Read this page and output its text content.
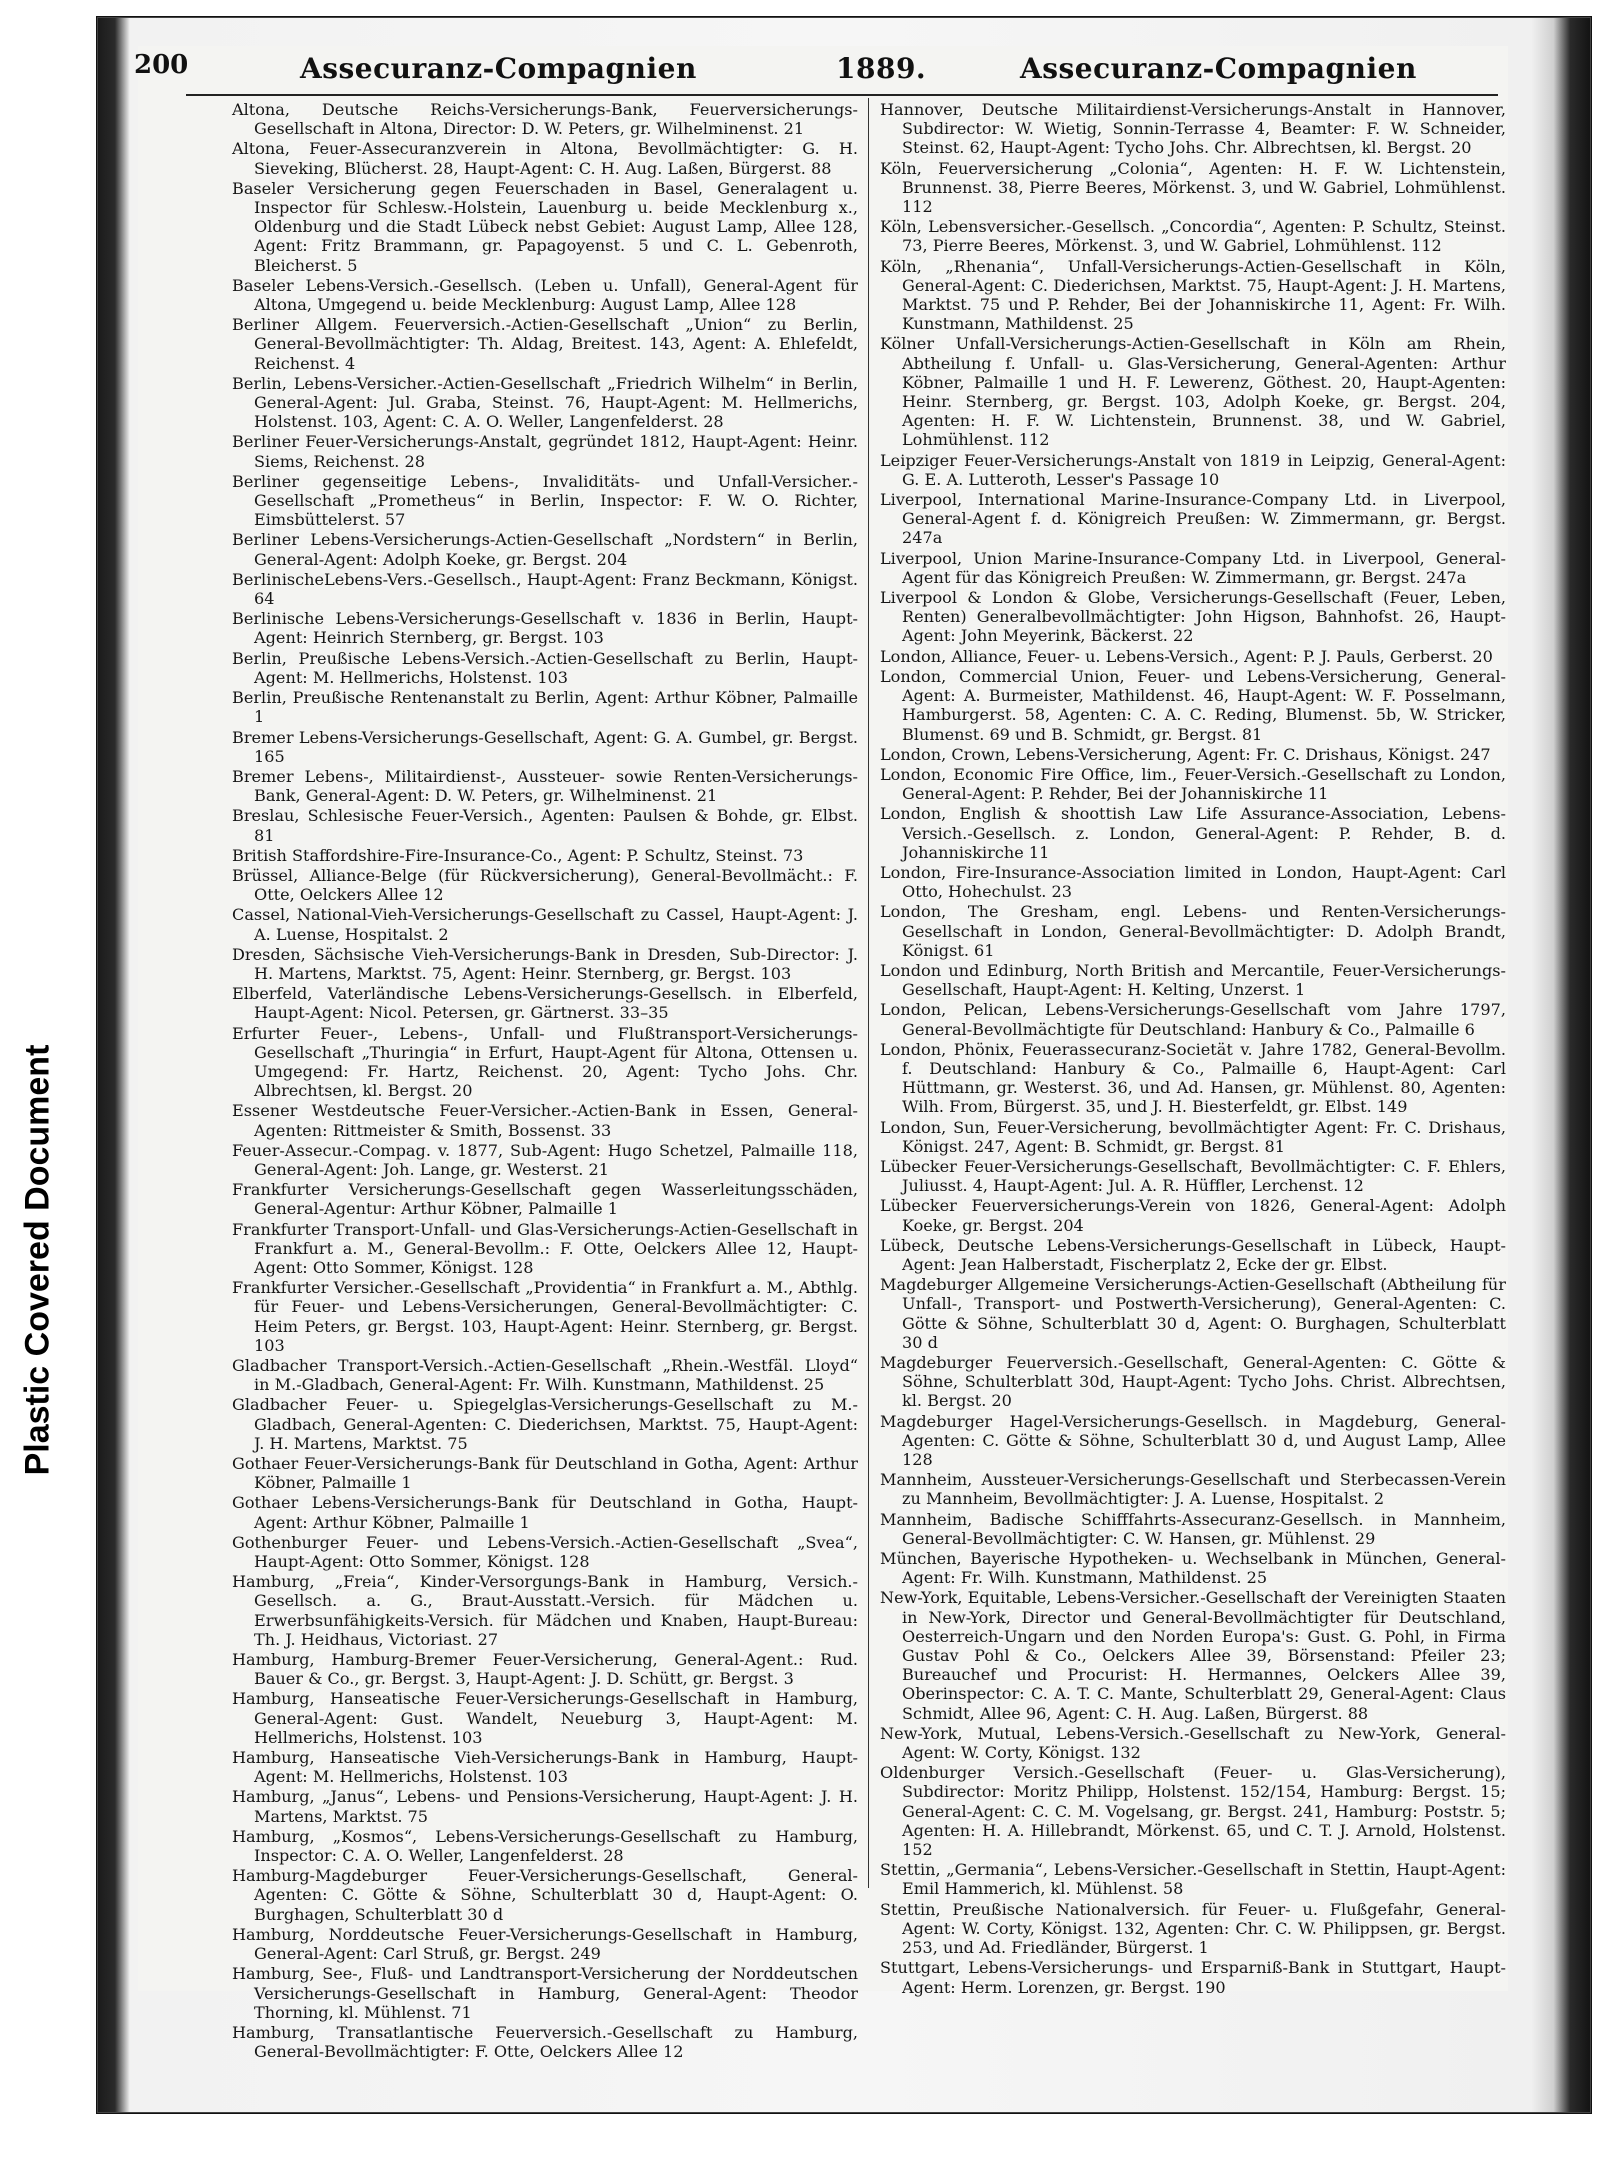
Plastic Covered Document
200	Assecuranz-Compagnien	1889.	Assecuranz-Compagnien
Altona, Deutsche Reichs-Versicherungs-Bank, Feuerversicherungs-Gesellschaft in Altona, Director: D. W. Peters, gr. Wilhelminenst. 21
Altona, Feuer-Assecuranzverein in Altona, Bevollmächtigter: G. H. Sieveking, Blücherst. 28, Haupt-Agent: C. H. Aug. Laßen, Bürgerst. 88
Baseler Versicherung gegen Feuerschaden in Basel, Generalagent u. Inspector für Schlesw.-Holstein, Lauenburg u. beide Mecklenburg x., Oldenburg und die Stadt Lübeck nebst Gebiet: August Lamp, Allee 128, Agent: Fritz Brammann, gr. Papagoyenst. 5 und C. L. Gebenroth, Bleicherst. 5
Baseler Lebens-Versich.-Gesellsch. (Leben u. Unfall), General-Agent für Altona, Umgegend u. beide Mecklenburg: August Lamp, Allee 128
Berliner Allgem. Feuerversich.-Actien-Gesellschaft „Union“ zu Berlin, General-Bevollmächtigter: Th. Aldag, Breitest. 143, Agent: A. Ehlefeldt, Reichenst. 4
Berlin, Lebens-Versicher.-Actien-Gesellschaft „Friedrich Wilhelm“ in Berlin, General-Agent: Jul. Graba, Steinst. 76, Haupt-Agent: M. Hellmerichs, Holstenst. 103, Agent: C. A. O. Weller, Langenfelderst. 28
Berliner Feuer-Versicherungs-Anstalt, gegründet 1812, Haupt-Agent: Heinr. Siems, Reichenst. 28
Berliner gegenseitige Lebens-, Invaliditäts- und Unfall-Versicher.-Gesellschaft „Prometheus“ in Berlin, Inspector: F. W. O. Richter, Eimsbüttelerst. 57
Berliner Lebens-Versicherungs-Actien-Gesellschaft „Nordstern“ in Berlin, General-Agent: Adolph Koeke, gr. Bergst. 204
BerlinischeLebens-Vers.-Gesellsch., Haupt-Agent: Franz Beckmann, Königst. 64
Berlinische Lebens-Versicherungs-Gesellschaft v. 1836 in Berlin, Haupt-Agent: Heinrich Sternberg, gr. Bergst. 103
Berlin, Preußische Lebens-Versich.-Actien-Gesellschaft zu Berlin, Haupt-Agent: M. Hellmerichs, Holstenst. 103
Berlin, Preußische Rentenanstalt zu Berlin, Agent: Arthur Köbner, Palmaille 1
Bremer Lebens-Versicherungs-Gesellschaft, Agent: G. A. Gumbel, gr. Bergst. 165
Bremer Lebens-, Militairdienst-, Aussteuer- sowie Renten-Versicherungs-Bank, General-Agent: D. W. Peters, gr. Wilhelminenst. 21
Breslau, Schlesische Feuer-Versich., Agenten: Paulsen & Bohde, gr. Elbst. 81
British Staffordshire-Fire-Insurance-Co., Agent: P. Schultz, Steinst. 73
Brüssel, Alliance-Belge (für Rückversicherung), General-Bevollmächt.: F. Otte, Oelckers Allee 12
Cassel, National-Vieh-Versicherungs-Gesellschaft zu Cassel, Haupt-Agent: J. A. Luense, Hospitalst. 2
Dresden, Sächsische Vieh-Versicherungs-Bank in Dresden, Sub-Director: J. H. Martens, Marktst. 75, Agent: Heinr. Sternberg, gr. Bergst. 103
Elberfeld, Vaterländische Lebens-Versicherungs-Gesellsch. in Elberfeld, Haupt-Agent: Nicol. Petersen, gr. Gärtnerst. 33–35
Erfurter Feuer-, Lebens-, Unfall- und Flußtransport-Versicherungs-Gesellschaft „Thuringia“ in Erfurt, Haupt-Agent für Altona, Ottensen u. Umgegend: Fr. Hartz, Reichenst. 20, Agent: Tycho Johs. Chr. Albrechtsen, kl. Bergst. 20
Essener Westdeutsche Feuer-Versicher.-Actien-Bank in Essen, General-Agenten: Rittmeister & Smith, Bossenst. 33
Feuer-Assecur.-Compag. v. 1877, Sub-Agent: Hugo Schetzel, Palmaille 118, General-Agent: Joh. Lange, gr. Westerst. 21
Frankfurter Versicherungs-Gesellschaft gegen Wasserleitungsschäden, General-Agentur: Arthur Köbner, Palmaille 1
Frankfurter Transport-Unfall- und Glas-Versicherungs-Actien-Gesellschaft in Frankfurt a. M., General-Bevollm.: F. Otte, Oelckers Allee 12, Haupt-Agent: Otto Sommer, Königst. 128
Frankfurter Versicher.-Gesellschaft „Providentia“ in Frankfurt a. M., Abthlg. für Feuer- und Lebens-Versicherungen, General-Bevollmächtigter: C. Heim Peters, gr. Bergst. 103, Haupt-Agent: Heinr. Sternberg, gr. Bergst. 103
Gladbacher Transport-Versich.-Actien-Gesellschaft „Rhein.-Westfäl. Lloyd“ in M.-Gladbach, General-Agent: Fr. Wilh. Kunstmann, Mathildenst. 25
Gladbacher Feuer- u. Spiegelglas-Versicherungs-Gesellschaft zu M.-Gladbach, General-Agenten: C. Diederichsen, Marktst. 75, Haupt-Agent: J. H. Martens, Marktst. 75
Gothaer Feuer-Versicherungs-Bank für Deutschland in Gotha, Agent: Arthur Köbner, Palmaille 1
Gothaer Lebens-Versicherungs-Bank für Deutschland in Gotha, Haupt-Agent: Arthur Köbner, Palmaille 1
Gothenburger Feuer- und Lebens-Versich.-Actien-Gesellschaft „Svea“, Haupt-Agent: Otto Sommer, Königst. 128
Hamburg, „Freia“, Kinder-Versorgungs-Bank in Hamburg, Versich.-Gesellsch. a. G., Braut-Ausstatt.-Versich. für Mädchen u. Erwerbsunfähigkeits-Versich. für Mädchen und Knaben, Haupt-Bureau: Th. J. Heidhaus, Victoriast. 27
Hamburg, Hamburg-Bremer Feuer-Versicherung, General-Agent.: Rud. Bauer & Co., gr. Bergst. 3, Haupt-Agent: J. D. Schütt, gr. Bergst. 3
Hamburg, Hanseatische Feuer-Versicherungs-Gesellschaft in Hamburg, General-Agent: Gust. Wandelt, Neueburg 3, Haupt-Agent: M. Hellmerichs, Holstenst. 103
Hamburg, Hanseatische Vieh-Versicherungs-Bank in Hamburg, Haupt-Agent: M. Hellmerichs, Holstenst. 103
Hamburg, „Janus“, Lebens- und Pensions-Versicherung, Haupt-Agent: J. H. Martens, Marktst. 75
Hamburg, „Kosmos“, Lebens-Versicherungs-Gesellschaft zu Hamburg, Inspector: C. A. O. Weller, Langenfelderst. 28
Hamburg-Magdeburger Feuer-Versicherungs-Gesellschaft, General-Agenten: C. Götte & Söhne, Schulterblatt 30 d, Haupt-Agent: O. Burghagen, Schulterblatt 30 d
Hamburg, Norddeutsche Feuer-Versicherungs-Gesellschaft in Hamburg, General-Agent: Carl Struß, gr. Bergst. 249
Hamburg, See-, Fluß- und Landtransport-Versicherung der Norddeutschen Versicherungs-Gesellschaft in Hamburg, General-Agent: Theodor Thorning, kl. Mühlenst. 71
Hamburg, Transatlantische Feuerversich.-Gesellschaft zu Hamburg, General-Bevollmächtigter: F. Otte, Oelckers Allee 12
Hannover, Deutsche Militairdienst-Versicherungs-Anstalt in Hannover, Subdirector: W. Wietig, Sonnin-Terrasse 4, Beamter: F. W. Schneider, Steinst. 62, Haupt-Agent: Tycho Johs. Chr. Albrechtsen, kl. Bergst. 20
Köln, Feuerversicherung „Colonia“, Agenten: H. F. W. Lichtenstein, Brunnenst. 38, Pierre Beeres, Mörkenst. 3, und W. Gabriel, Lohmühlenst. 112
Köln, Lebensversicher.-Gesellsch. „Concordia“, Agenten: P. Schultz, Steinst. 73, Pierre Beeres, Mörkenst. 3, und W. Gabriel, Lohmühlenst. 112
Köln, „Rhenania“, Unfall-Versicherungs-Actien-Gesellschaft in Köln, General-Agent: C. Diederichsen, Marktst. 75, Haupt-Agent: J. H. Martens, Marktst. 75 und P. Rehder, Bei der Johanniskirche 11, Agent: Fr. Wilh. Kunstmann, Mathildenst. 25
Kölner Unfall-Versicherungs-Actien-Gesellschaft in Köln am Rhein, Abtheilung f. Unfall- u. Glas-Versicherung, General-Agenten: Arthur Köbner, Palmaille 1 und H. F. Lewerenz, Göthest. 20, Haupt-Agenten: Heinr. Sternberg, gr. Bergst. 103, Adolph Koeke, gr. Bergst. 204, Agenten: H. F. W. Lichtenstein, Brunnenst. 38, und W. Gabriel, Lohmühlenst. 112
Leipziger Feuer-Versicherungs-Anstalt von 1819 in Leipzig, General-Agent: G. E. A. Lutteroth, Lesser's Passage 10
Liverpool, International Marine-Insurance-Company Ltd. in Liverpool, General-Agent f. d. Königreich Preußen: W. Zimmermann, gr. Bergst. 247a
Liverpool, Union Marine-Insurance-Company Ltd. in Liverpool, General-Agent für das Königreich Preußen: W. Zimmermann, gr. Bergst. 247a
Liverpool & London & Globe, Versicherungs-Gesellschaft (Feuer, Leben, Renten) Generalbevollmächtigter: John Higson, Bahnhofst. 26, Haupt-Agent: John Meyerink, Bäckerst. 22
London, Alliance, Feuer- u. Lebens-Versich., Agent: P. J. Pauls, Gerberst. 20
London, Commercial Union, Feuer- und Lebens-Versicherung, General-Agent: A. Burmeister, Mathildenst. 46, Haupt-Agent: W. F. Posselmann, Hamburgerst. 58, Agenten: C. A. C. Reding, Blumenst. 5b, W. Stricker, Blumenst. 69 und B. Schmidt, gr. Bergst. 81
London, Crown, Lebens-Versicherung, Agent: Fr. C. Drishaus, Königst. 247
London, Economic Fire Office, lim., Feuer-Versich.-Gesellschaft zu London, General-Agent: P. Rehder, Bei der Johanniskirche 11
London, English & shoottish Law Life Assurance-Association, Lebens-Versich.-Gesellsch. z. London, General-Agent: P. Rehder, B. d. Johanniskirche 11
London, Fire-Insurance-Association limited in London, Haupt-Agent: Carl Otto, Hohechulst. 23
London, The Gresham, engl. Lebens- und Renten-Versicherungs-Gesellschaft in London, General-Bevollmächtigter: D. Adolph Brandt, Königst. 61
London und Edinburg, North British and Mercantile, Feuer-Versicherungs-Gesellschaft, Haupt-Agent: H. Kelting, Unzerst. 1
London, Pelican, Lebens-Versicherungs-Gesellschaft vom Jahre 1797, General-Bevollmächtigte für Deutschland: Hanbury & Co., Palmaille 6
London, Phönix, Feuerassecuranz-Societät v. Jahre 1782, General-Bevollm. f. Deutschland: Hanbury & Co., Palmaille 6, Haupt-Agent: Carl Hüttmann, gr. Westerst. 36, und Ad. Hansen, gr. Mühlenst. 80, Agenten: Wilh. From, Bürgerst. 35, und J. H. Biesterfeldt, gr. Elbst. 149
London, Sun, Feuer-Versicherung, bevollmächtigter Agent: Fr. C. Drishaus, Königst. 247, Agent: B. Schmidt, gr. Bergst. 81
Lübecker Feuer-Versicherungs-Gesellschaft, Bevollmächtigter: C. F. Ehlers, Juliusst. 4, Haupt-Agent: Jul. A. R. Hüffler, Lerchenst. 12
Lübecker Feuerversicherungs-Verein von 1826, General-Agent: Adolph Koeke, gr. Bergst. 204
Lübeck, Deutsche Lebens-Versicherungs-Gesellschaft in Lübeck, Haupt-Agent: Jean Halberstadt, Fischerplatz 2, Ecke der gr. Elbst.
Magdeburger Allgemeine Versicherungs-Actien-Gesellschaft (Abtheilung für Unfall-, Transport- und Postwerth-Versicherung), General-Agenten: C. Götte & Söhne, Schulterblatt 30 d, Agent: O. Burghagen, Schulterblatt 30 d
Magdeburger Feuerversich.-Gesellschaft, General-Agenten: C. Götte & Söhne, Schulterblatt 30d, Haupt-Agent: Tycho Johs. Christ. Albrechtsen, kl. Bergst. 20
Magdeburger Hagel-Versicherungs-Gesellsch. in Magdeburg, General-Agenten: C. Götte & Söhne, Schulterblatt 30 d, und August Lamp, Allee 128
Mannheim, Aussteuer-Versicherungs-Gesellschaft und Sterbecassen-Verein zu Mannheim, Bevollmächtigter: J. A. Luense, Hospitalst. 2
Mannheim, Badische Schifffahrts-Assecuranz-Gesellsch. in Mannheim, General-Bevollmächtigter: C. W. Hansen, gr. Mühlenst. 29
München, Bayerische Hypotheken- u. Wechselbank in München, General-Agent: Fr. Wilh. Kunstmann, Mathildenst. 25
New-York, Equitable, Lebens-Versicher.-Gesellschaft der Vereinigten Staaten in New-York, Director und General-Bevollmächtigter für Deutschland, Oesterreich-Ungarn und den Norden Europa's: Gust. G. Pohl, in Firma Gustav Pohl & Co., Oelckers Allee 39, Börsenstand: Pfeiler 23; Bureauchef und Procurist: H. Hermannes, Oelckers Allee 39, Oberinspector: C. A. T. C. Mante, Schulterblatt 29, General-Agent: Claus Schmidt, Allee 96, Agent: C. H. Aug. Laßen, Bürgerst. 88
New-York, Mutual, Lebens-Versich.-Gesellschaft zu New-York, General-Agent: W. Corty, Königst. 132
Oldenburger Versich.-Gesellschaft (Feuer- u. Glas-Versicherung), Subdirector: Moritz Philipp, Holstenst. 152/154, Hamburg: Bergst. 15; General-Agent: C. C. M. Vogelsang, gr. Bergst. 241, Hamburg: Poststr. 5; Agenten: H. A. Hillebrandt, Mörkenst. 65, und C. T. J. Arnold, Holstenst. 152
Stettin, „Germania“, Lebens-Versicher.-Gesellschaft in Stettin, Haupt-Agent: Emil Hammerich, kl. Mühlenst. 58
Stettin, Preußische Nationalversich. für Feuer- u. Flußgefahr, General-Agent: W. Corty, Königst. 132, Agenten: Chr. C. W. Philippsen, gr. Bergst. 253, und Ad. Friedländer, Bürgerst. 1
Stuttgart, Lebens-Versicherungs- und Ersparniß-Bank in Stuttgart, Haupt-Agent: Herm. Lorenzen, gr. Bergst. 190
